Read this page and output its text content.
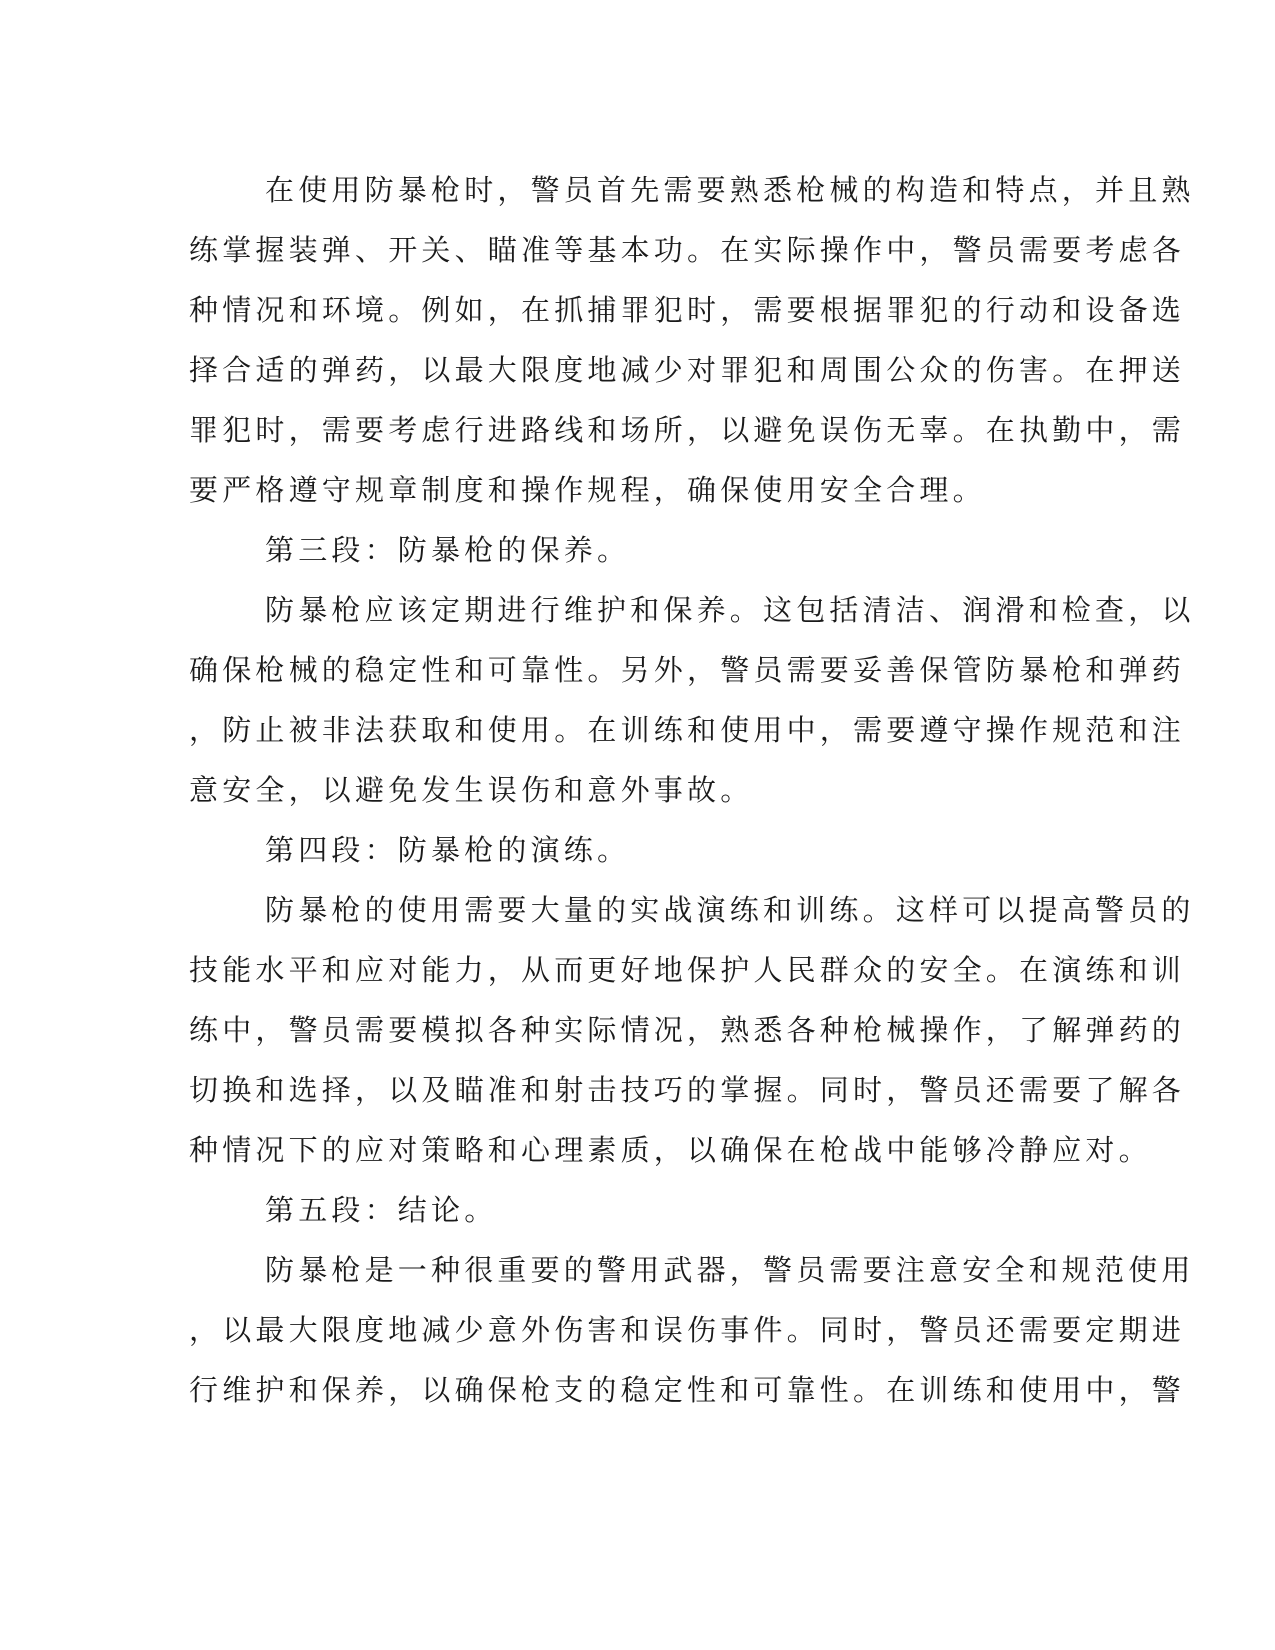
在使用防暴枪时，警员首先需要熟悉枪械的构造和特点，并且熟
练掌握装弹、开关、瞄准等基本功。在实际操作中，警员需要考虑各
种情况和环境。例如，在抓捕罪犯时，需要根据罪犯的行动和设备选
择合适的弹药，以最大限度地减少对罪犯和周围公众的伤害。在押送
罪犯时，需要考虑行进路线和场所，以避免误伤无辜。在执勤中，需
要严格遵守规章制度和操作规程，确保使用安全合理。
第三段：防暴枪的保养。
防暴枪应该定期进行维护和保养。这包括清洁、润滑和检查，以
确保枪械的稳定性和可靠性。另外，警员需要妥善保管防暴枪和弹药
，防止被非法获取和使用。在训练和使用中，需要遵守操作规范和注
意安全，以避免发生误伤和意外事故。
第四段：防暴枪的演练。
防暴枪的使用需要大量的实战演练和训练。这样可以提高警员的
技能水平和应对能力，从而更好地保护人民群众的安全。在演练和训
练中，警员需要模拟各种实际情况，熟悉各种枪械操作，了解弹药的
切换和选择，以及瞄准和射击技巧的掌握。同时，警员还需要了解各
种情况下的应对策略和心理素质，以确保在枪战中能够冷静应对。
第五段：结论。
防暴枪是一种很重要的警用武器，警员需要注意安全和规范使用
，以最大限度地减少意外伤害和误伤事件。同时，警员还需要定期进
行维护和保养，以确保枪支的稳定性和可靠性。在训练和使用中，警
